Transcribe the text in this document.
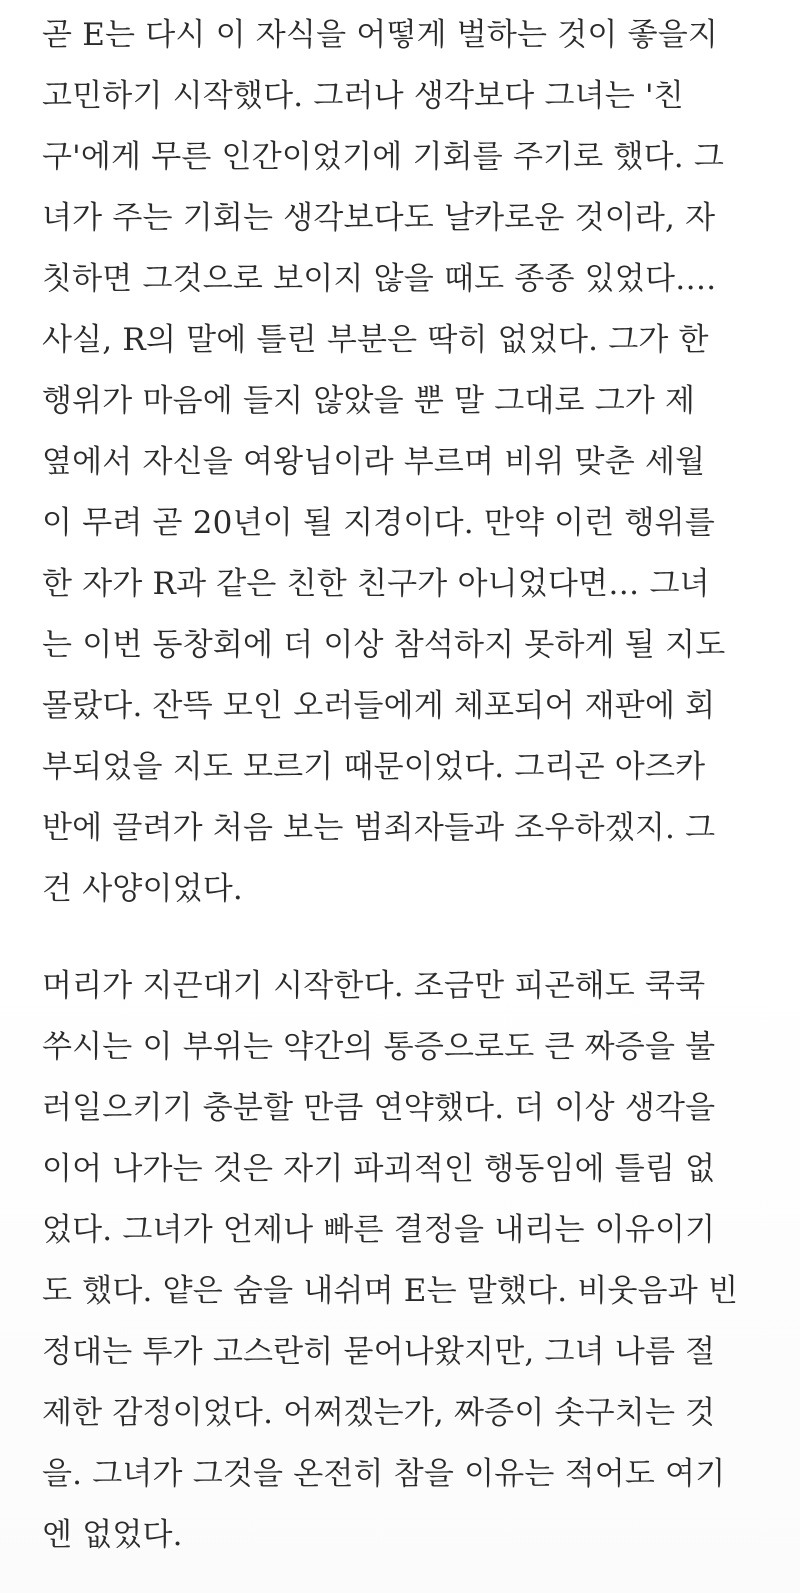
곧 E는 다시 이 자식을 어떻게 벌하는 것이 좋을지
고민하기 시작했다. 그러나 생각보다 그녀는 '친
구'에게 무른 인간이었기에 기회를 주기로 했다. 그
녀가 주는 기회는 생각보다도 날카로운 것이라, 자
칫하면 그것으로 보이지 않을 때도 종종 있었다….
사실, R의 말에 틀린 부분은 딱히 없었다. 그가 한
행위가 마음에 들지 않았을 뿐 말 그대로 그가 제
옆에서 자신을 여왕님이라 부르며 비위 맞춘 세월
이 무려 곧 20년이 될 지경이다. 만약 이런 행위를
한 자가 R과 같은 친한 친구가 아니었다면… 그녀
는 이번 동창회에 더 이상 참석하지 못하게 될 지도
몰랐다. 잔뜩 모인 오러들에게 체포되어 재판에 회
부되었을 지도 모르기 때문이었다. 그리곤 아즈카
반에 끌려가 처음 보는 범죄자들과 조우하겠지. 그
건 사양이었다.
머리가 지끈대기 시작한다. 조금만 피곤해도 쿡쿡
쑤시는 이 부위는 약간의 통증으로도 큰 짜증을 불
러일으키기 충분할 만큼 연약했다. 더 이상 생각을
이어 나가는 것은 자기 파괴적인 행동임에 틀림 없
었다. 그녀가 언제나 빠른 결정을 내리는 이유이기
도 했다. 얕은 숨을 내쉬며 E는 말했다. 비웃음과 빈
정대는 투가 고스란히 묻어나왔지만, 그녀 나름 절
제한 감정이었다. 어쩌겠는가, 짜증이 솟구치는 것
을. 그녀가 그것을 온전히 참을 이유는 적어도 여기
엔 없었다.
